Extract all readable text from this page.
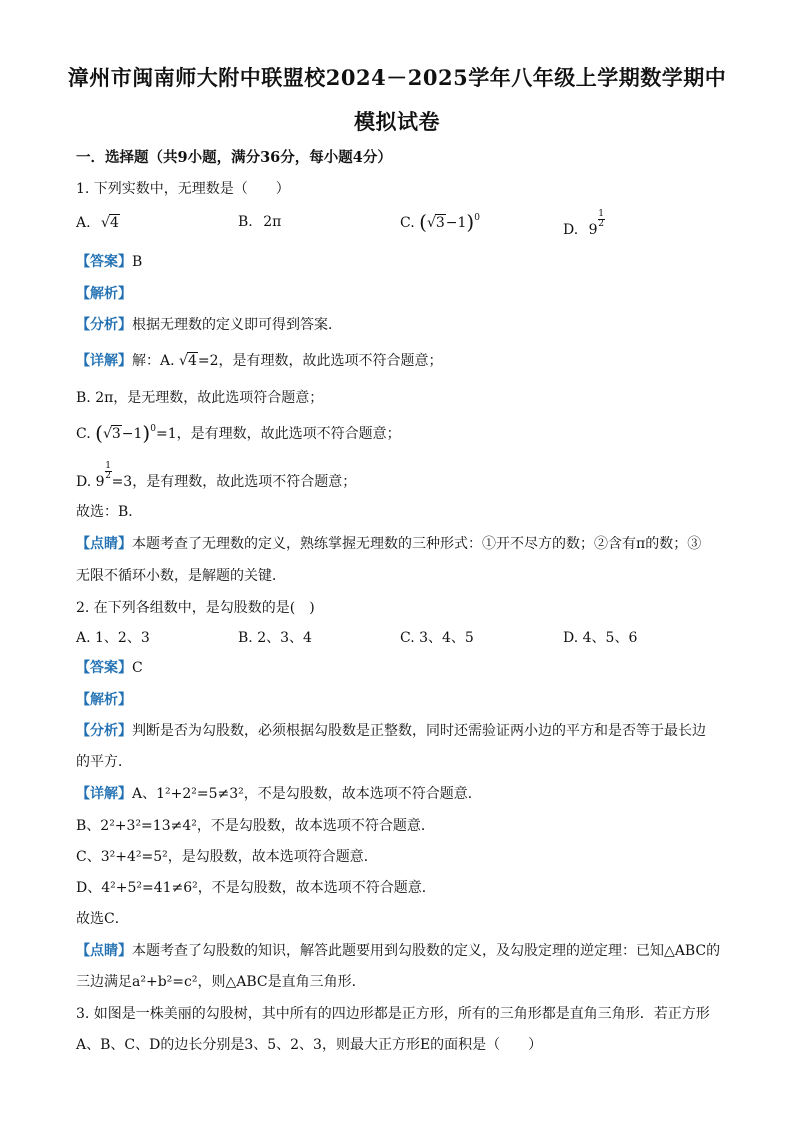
漳州市闽南师大附中联盟校2024－2025学年八年级上学期数学期中
模拟试卷
一．选择题（共9小题，满分36分，每小题4分）
1. 下列实数中，无理数是（　　）
A. √4	B. 2π	C. $(√3-1)^0$
D. 9
$\frac{1}{2}$
【答案】B
【解析】
【分析】根据无理数的定义即可得到答案．
【详解】解：A. √4=2，是有理数，故此选项不符合题意；
B. 2π，是无理数，故此选项符合题意；
C. $(√3-1)^0=1$，是有理数，故此选项不符合题意；
D. 9
$\frac{1}{2}$
=3，是有理数，故此选项不符合题意；
故选：B．
【点睛】本题考查了无理数的定义，熟练掌握无理数的三种形式：①开不尽方的数；②含有π的数；③
无限不循环小数，是解题的关键．
2. 在下列各组数中，是勾股数的是(　)
A. 1、2、3	B. 2、3、4	C. 3、4、5	D. 4、5、6
【答案】C
【解析】
【分析】判断是否为勾股数，必须根据勾股数是正整数，同时还需验证两小边的平方和是否等于最长边
的平方．
【详解】A、1²+2²=5≠3²，不是勾股数，故本选项不符合题意．
B、2²+3²=13≠4²，不是勾股数，故本选项不符合题意．
C、3²+4²=5²，是勾股数，故本选项符合题意．
D、4²+5²=41≠6²，不是勾股数，故本选项不符合题意．
故选C．
【点睛】本题考查了勾股数的知识，解答此题要用到勾股数的定义，及勾股定理的逆定理：已知△ABC的
三边满足a²+b²=c²，则△ABC是直角三角形．
3. 如图是一株美丽的勾股树，其中所有的四边形都是正方形，所有的三角形都是直角三角形．若正方形
A、B、C、D的边长分别是3、5、2、3，则最大正方形E的面积是（　　）
